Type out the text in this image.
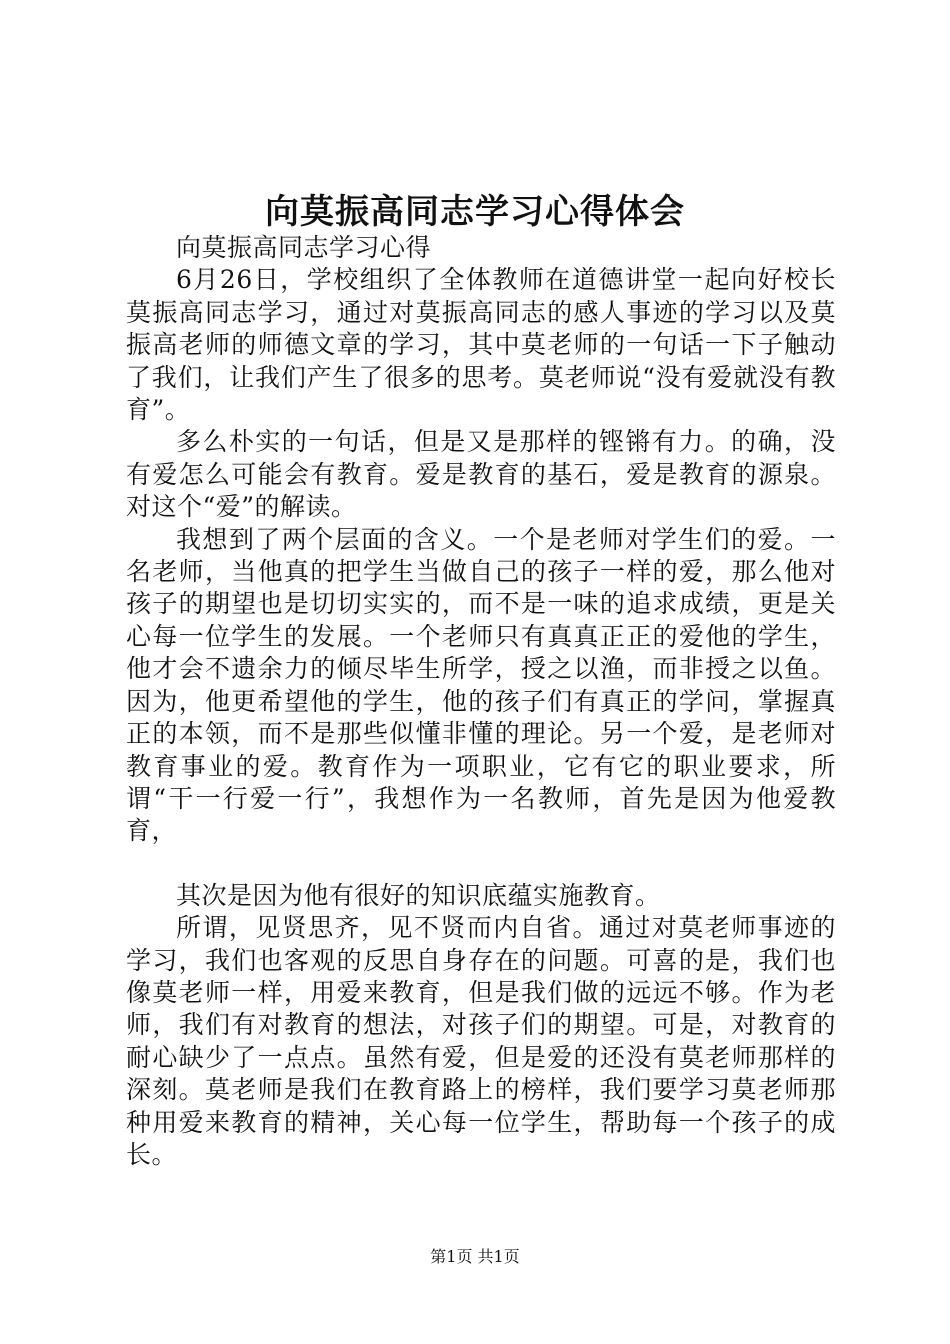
向莫振高同志学习心得体会

向莫振高同志学习心得

6月26日，学校组织了全体教师在道德讲堂一起向好校长莫振高同志学习，通过对莫振高同志的感人事迹的学习以及莫振高老师的师德文章的学习，其中莫老师的一句话一下子触动了我们，让我们产生了很多的思考。莫老师说“没有爱就没有教育”。

多么朴实的一句话，但是又是那样的铿锵有力。的确，没有爱怎么可能会有教育。爱是教育的基石，爱是教育的源泉。对这个“爱”的解读。

我想到了两个层面的含义。一个是老师对学生们的爱。一名老师，当他真的把学生当做自己的孩子一样的爱，那么他对孩子的期望也是切切实实的，而不是一味的追求成绩，更是关心每一位学生的发展。一个老师只有真真正正的爱他的学生，他才会不遗余力的倾尽毕生所学，授之以渔，而非授之以鱼。因为，他更希望他的学生，他的孩子们有真正的学问，掌握真正的本领，而不是那些似懂非懂的理论。另一个爱，是老师对教育事业的爱。教育作为一项职业，它有它的职业要求，所谓“干一行爱一行”，我想作为一名教师，首先是因为他爱教育，

其次是因为他有很好的知识底蕴实施教育。

所谓，见贤思齐，见不贤而内自省。通过对莫老师事迹的学习，我们也客观的反思自身存在的问题。可喜的是，我们也像莫老师一样，用爱来教育，但是我们做的远远不够。作为老师，我们有对教育的想法，对孩子们的期望。可是，对教育的耐心缺少了一点点。虽然有爱，但是爱的还没有莫老师那样的深刻。莫老师是我们在教育路上的榜样，我们要学习莫老师那种用爱来教育的精神，关心每一位学生，帮助每一个孩子的成长。

第1页 共1页
